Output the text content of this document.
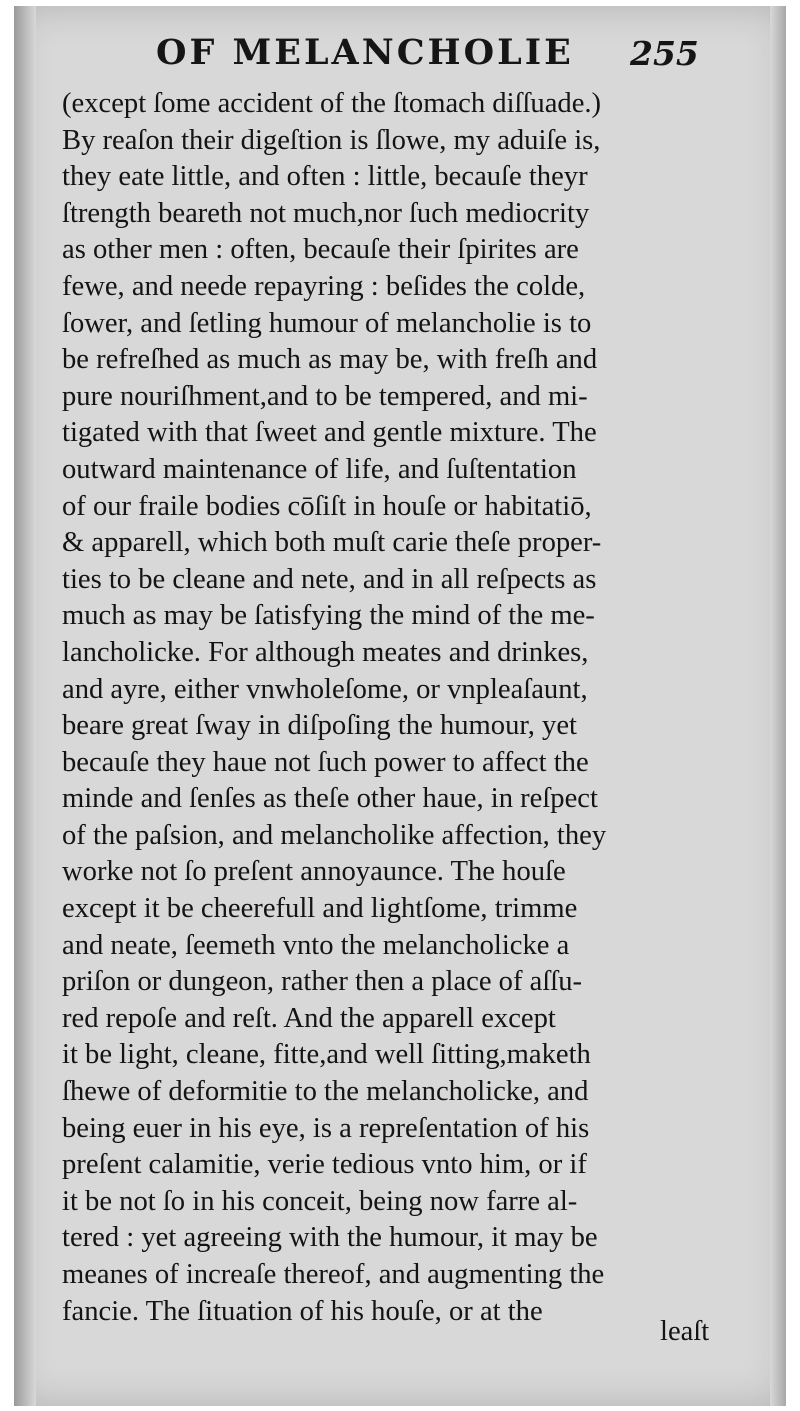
OF MELANCHOLIE 255
(except ſome accident of the ſtomach diſſuade.)
By reaſon their digeſtion is ſlowe, my aduiſe is,
they eate little, and often : little, becauſe theyr
ſtrength beareth not much,nor ſuch mediocrity
as other men : often, becauſe their ſpirites are
fewe, and neede repayring : beſides the colde,
ſower, and ſetling humour of melancholie is to
be refreſhed as much as may be, with freſh and
pure nouriſhment,and to be tempered, and mi-
tigated with that ſweet and gentle mixture. The
outward maintenance of life, and ſuſtentation
of our fraile bodies cōſiſt in houſe or habitatiō,
& apparell, which both muſt carie theſe proper-
ties to be cleane and nete, and in all reſpects as
much as may be ſatisfying the mind of the me-
lancholicke. For although meates and drinkes,
and ayre, either vnwholeſome, or vnpleaſaunt,
beare great ſway in diſpoſing the humour, yet
becauſe they haue not ſuch power to affect the
minde and ſenſes as theſe other haue, in reſpect
of the paſsion, and melancholike affection, they
worke not ſo preſent annoyaunce. The houſe
except it be cheerefull and lightſome, trimme
and neate, ſeemeth vnto the melancholicke a
priſon or dungeon, rather then a place of aſſu-
red repoſe and reſt. And the apparell except
it be light, cleane, fitte,and well ſitting,maketh
ſhewe of deformitie to the melancholicke, and
being euer in his eye, is a repreſentation of his
preſent calamitie, verie tedious vnto him, or if
it be not ſo in his conceit, being now farre al-
tered : yet agreeing with the humour, it may be
meanes of increaſe thereof, and augmenting the
fancie. The ſituation of his houſe, or at the
leaſt
